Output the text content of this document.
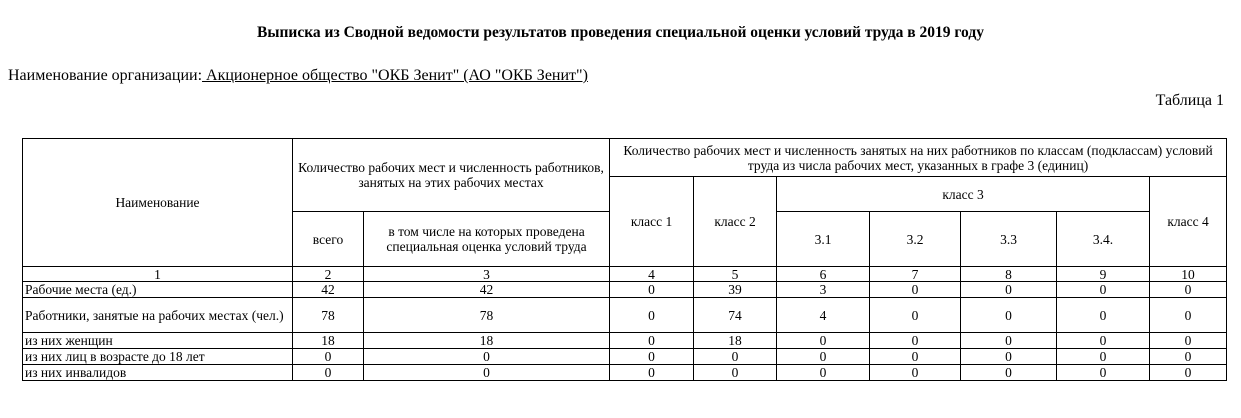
Выписка из Сводной ведомости результатов проведения специальной оценки условий труда в 2019 году
Наименование организации: Акционерное общество "ОКБ Зенит" (АО "ОКБ Зенит")
Таблица 1
Наименование	Количество рабочих мест и численность работников, занятых на этих рабочих местах		Количество рабочих мест и численность занятых на них работников по классам (подклассам) условий труда из числа рабочих мест, указанных в графе 3 (единиц)						
			класс 1	класс 2	класс 3				класс 4
	всего	в том числе на которых проведена специальная оценка условий труда			3.1	3.2	3.3	3.4.	
1	2	3	4	5	6	7	8	9	10
Рабочие места (ед.)	42	42	0	39	3	0	0	0	0
Работники, занятые на рабочих местах (чел.)	78	78	0	74	4	0	0	0	0
из них женщин	18	18	0	18	0	0	0	0	0
из них лиц в возрасте до 18 лет	0	0	0	0	0	0	0	0	0
из них инвалидов	0	0	0	0	0	0	0	0	0
